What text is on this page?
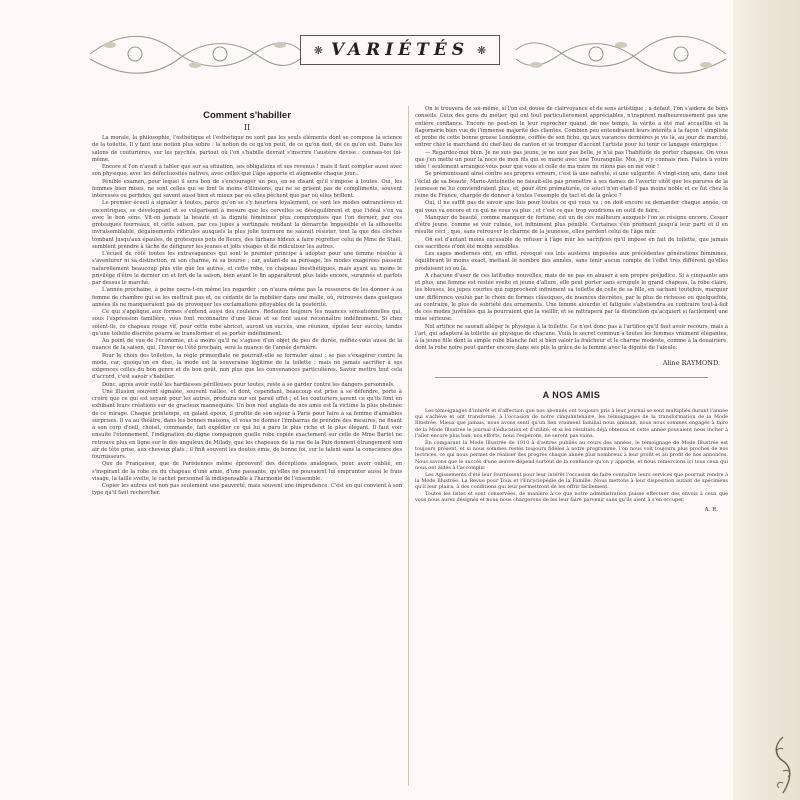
❋ VARIÉTÉS ❋
Comment s'habiller
II

La morale, la philosophie, l'esthétique et l'esthétique ne sont pas les seuls éléments dont se compose la science de la toilette. Il y faut une notion plus sobre : la notion de ce qu'on peut, de ce qu'on doit, de ce qu'on est. Dans les salons de couturières, sur les psychés, partout où l'on s'habille devrait s'inscrire l'austère devise : connais-toi toi-même.

Encore si l'on n'avait à tabler que sur sa situation, ses obligations et ses revenus ! mais il faut compter aussi avec son physique, avec les défectuosités natives, avec celles que l'âge apporte et augmente chaque jour...

Pénible examen, pour lequel il sera bon de s'encourager un peu, en se disant qu'il s'impose à toutes. Oui, les femmes bien mises, ne sont celles qui se font le moins d'illusions, qui ne se grisent pas de compliments, souvent intéressés ou perfides, qui savent aussi bien et mieux par où elles pèchent que par où elles brillent.

Le premier écueil à signaler à toutes, parce qu'on se s'y heurtera loyalement, ce sont les modes outrancières et excentriques, se développant et se vulgarisant à mesure que les cervelles se déséquilibrent et que l'idéal s'en va avec le bon sens. Vit-on jamais la beauté et la dignité féminines plus compromises que l'on dernier, par ces grotesques fourreaux, et cette saison, par ces jupes à surtingale rendant la démarche impossible et la silhouette invraisemblable, dégaînements ridicules auxquels la plus jolie tournure ne saurait résister, tout la que des cloches tombant jusqu'aux épaules, de grotesques pots de fleurs, des turbans hideux à faire regretter celui de Mme de Staël, semblent prendre à tâche de défigurer les jeunes et jolis visages et de ridiculiser les autres.

L'écueil de côté toutes les extravagances qui sont le premier principe à adopter pour une femme résolue à s'aventurer ni sa distinction, ni son charme, ni sa bourse ; car, autant-de sa pensage, les modes exagérées passent naturellement beaucoup plus vite que les autres, et cette robe, ce chapeau inesthétiques, mais ayant au moins le privilège d'être le dernier cri et fort de la saison, bien avant le fin apparaîtront plus laids encore, surannés et parfois par dessus le marché.

L'année prochaine, à peine osera-t-on même les regarder ; on n'aura même pas la ressource de les donner à sa femme de chambre qui se les mettrait pas et, ou cédants de la mobilier dans une malle, où, retrouvés dans quelques années ils ne manqueraient pas de provoquer les exclamations pitoyables de la postérité.

Ce qui s'applique aux formes s'entend aussi des couleurs. Redoutez toujours les nuances sensationnelles qui, sous l'expression familière, vous font reconnaître d'une lieue et se font aussi reconnaître indéfiniment. Si chez soient-ils, ce chapeau rouge vif, pour cette robe abricot, auront un succès, une réunion, épuisé leur succès, tandis qu'une toilette discrète pourra se transformer et se porter indéfiniment.

Au point de vue de l'économie, et à moins qu'il ne s'agisse d'un objet de peu de durée, méfiez-vous aussi de la nuance de la saison, qui, l'hiver ou l'été prochain, sera la nuance de l'année dernière.

Pour le choix des toilettes, la règle primordiale ne pourrait-elle se formuler ainsi : se pas s'exagérer contre la mode, car, quoiqu'on en dise, la mode est la souveraine légitime de la toilette ; mais ne jamais sacrifier à ses exigences celles du bon genre et du bon goût, non plus que les convenances particulières. Savoir mettre tout cela d'accord, c'est savoir s'habiller.

Donc, après avoir évité les hardiesses périlleuses pour toutes, reste à se garder contre les dangers personnels.

Une illusion souvent signalée, souvent raillée, et dont, cependant, beaucoup est prise à se défendre, porte à croire que ce qui est seyant pour les autres, produira sur soi pareil effet ; et les couturiers savent ce qu'ils font en exhibant leurs créations sur de gracieux mannequins. Un bon réel anglais de nos amis est la victime la plus obstinée de ce mirage. Chaque printemps, en galant époux, il profite de son séjour à Paris pour faire à sa femme d'aimables surprises. Il va au théâtre, dans les bonnes maisons, et vous ne donner l'embarras de prendre des mesures, ne fixant à son corp d'oeil, choisit, commande, fait expédier ce qui lui a paru le plus riche et le plus élégant. Il faut voir ensuite l'étonnement, l'indignation du digne compagnon quelle robe copiée exactement sur celle de Mme Bartet ne retrouve plus en ligne sur le dos anguleux de Milady, que les chapeaux de la rue de la Paix donnent étrangement son air de tête grise, aux cheveux plats ; il finit souvent les doutes émis, de bonne foi, sur le talent sans la conscience des fournisseurs.

Que de Françaises, que de Parisiennes même éprouvent des déceptions analogues, pour avoir oublié, en s'inspirant de la robe ou du chapeau d'une amie, d'une passante, qu'elles ne pouvaient lui emprunter aussi le frais visage, la taille svelte, le cachet personnel là indispensable à l'harmonie de l'ensemble.

Copier les autres est non pas seulement une pauvreté, mais souvent une imprudence. C'est en qui convient à son type qu'il faut rechercher.

On le trouvera de soi-même, si l'on est douée de clairvoyance et de sens artistique ; à défaut, l'on s'aidera de bons conseils. Ceux des gens du métier, qui ont tout particulièrement appréciables, n'inspirent malheureusement pas une entière confiance. Encore ne peut-on le leur reprocher quand, de nos temps, la vérité a été mal accueillie et la flagornerie bien vue de l'immense majorité des clientes. Combien peu entendraient leurs intérêts à la façon ! simpliste et probe de cette bonne grosse Londonne, coiffée de son fichu, qu'aux vacances dernières je vis là, au jour de marché, entrer chez le marchand du chef-lieu de canton et se tromper d'accent l'artiste pour lui tenir ce langage énergique :

— Regardez-moi bien. Je ne suis pas jeune, je ne suis pas belle, je n'ai pas l'habitude de porter chapeau. On vous que j'en mette un pour la noce de mon fils qui se marie avec une Tourangelle. Moi, je n'y connais rien. Faites à votre idée ! seulement arrangez-vous pour que vous et celle de ma mère ne riions pas en me voir !

Se prémunissant ainsi contre ses propres erreurs, c'est là une naïveté, si une vulgarité. A vingt-cinq ans, dans tout l'éclat de sa beauté, Marie-Antoinette ne faisait-elle pas promettre à ses dames de l'avertir sitôt que les parures de la jeunesse ne lui conviendraient plus, et, pour être prématurée, ce souci n'en était-il pas moins noble et ce fut chez la reine de France, chargée de donner à toutes l'exemple du tact et de la grâce ?

Oui, il ne suffit pas de savoir une fois pour toutes ce qui vous va ; on doit encore se demander chaque année, ce qui vous va encore et ce qui ne vous va plus ; et c'est ce que trop voudrions en outil de faire.

Manquer de beauté, comme manquer de fortune, est un de ces malheurs auxquels l'on se résigne encore. Cesser d'être jeune, comme se voir ruinée, est infiniment plus pénible. Certaines s'en prennent jusqu'à leur parti et il en résulte ceci : que, sans retrouver le charme de la jeunesse, elles perdent celui de l'âge mûr.

On est d'autant moins excusable de refuser à l'âge mûr les sacrifices qu'il impose en fait de toilette, que jamais ces sacrifices n'ont été moins sensibles.

Les sages modernes ont, en effet, révoqué ces lois austères imposées aux précédentes générations féminines, équilibrant le moins exact, mettant le nombre des années, sans tenir aucun compte de l'effet très différent qu'elles produisent ici ou là.

A chacune d'user de ces latitudes nouvelles, mais de ne pas en abuser à son propre préjudice. Si à cinquante ans et plus, une femme est restée svelte et jeune d'allure, elle peut porter sans scrupule le grand chapeau, la robe claire, les blouses, les jupes courtes qui rapprochent infiniment sa toilette de celle de sa fille, en sachant toutefois, marquer une différence voulue par le choix de formes classiques, de nuances discrètes, par le plus de richesse ou quelquefois, au contraire, le plus de sobriété des ornements. Une femme alourdie et fatiguée s'abstiendra au contraire tout-à-fait de ces modes juvéniles qui la pourraient que la vieillir, et se rattrapera par la distinction qu'acquiert si facilement une mise sérieuse.

Nul artifice ne saurait alléger le physique à la toilette. Ce n'est donc pas à l'artifice qu'il faut avoir recours, mais à l'art, qui adaptera la toilette au physique de chacune. Voilà le secret commun à toutes les femmes vraiment élégantes, à la jeune fille dont la simple robe blanche fait si bien valoir la fraîcheur et le charme modeste, comme à la douairière, dont la robe noire peut garder encore dans ses plis la grâce de la femme avec la dignité de l'aïeule.

Aline RAYMOND.
A NOS AMIS

Les témoignages d'intérêt et d'affection que nos abonnés ont toujours pris à leur journal se sont multipliés durant l'année qui s'achève et ont transformé, à l'occasion de notre cinquantenaire, les témoignages de la transformation de la Mode Illustrée. Mieux que jamais, nous avons senti qu'un lien vraiment familial nous unissait, nous nous sommes engagés à faire de la Mode Illustrée le journal d'éducation et d'utilité, et si les résultats déjà obtenus et cette année pouvaient nous inciter à l'aller encore plus loin, nos efforts, nous l'espérons, ne seront pas vains.

En comparant la Mode Illustrée de 1910 à d'autres publiés au cours des années, le témoignage de Mode Illustrée est toujours présent, et si nous sommes restés toujours fidèles à notre programme, l'on nous voit toujours plus proches de nos lectrices, ce qui nous permet de réaliser des progrès chaque année plus nombreux à leur profit et au profit de nos annonces. Nous savons que le succès d'une œuvre dépend surtout de la confiance qu'on y apporte, et nous remercions ici tous ceux qui nous ont aidés à l'accomplir.

Les Agissements d'été leur fournissent pour leur intérêt l'occasion de faire connaître leurs services que pourrait rendre à la Mode Illustrée. La Revue pour Tous et l'Encyclopédie de la Famille. Nous mettons à leur disposition autant de spécimens qu'il leur plaira, à des conditions qui leur permettront de les offrir facilement.

Toutes les listes et sont conservées, de manière à ce que notre administration puisse effectuer des envois à ceux que vous nous aurez désignés et nous nous chargerons de les leur faire parvenir sans qu'ils aient à s'en occuper.

A. R.
